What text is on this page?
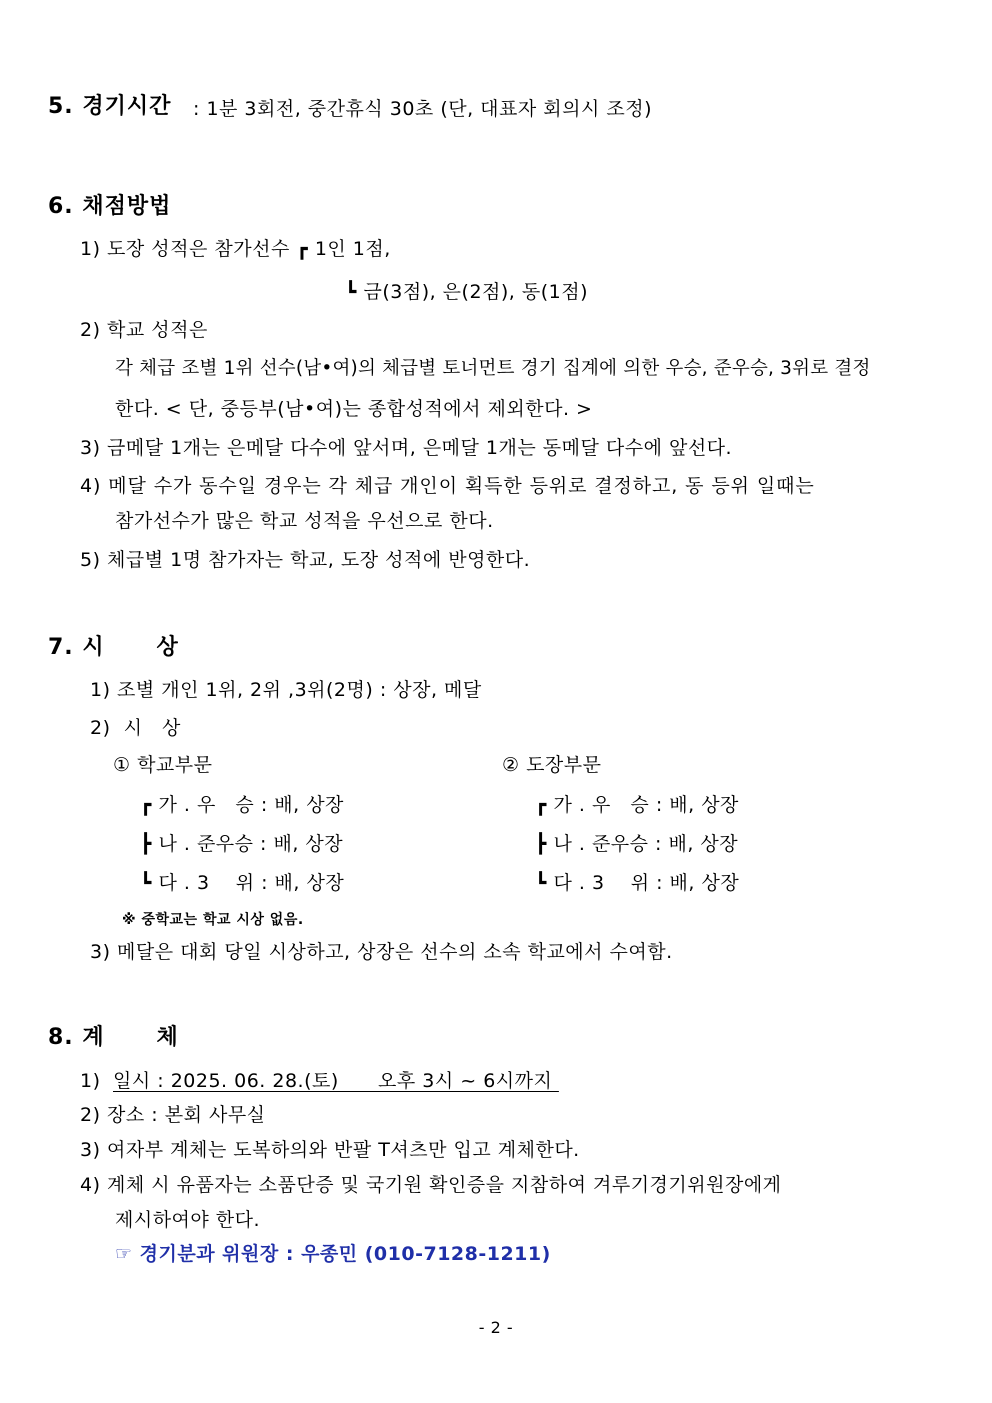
5. 경기시간 : 1분 3회전, 중간휴식 30초 (단, 대표자 회의시 조정)
6. 채점방법
1) 도장 성적은 참가선수 ┏ 1인 1점,
┗ 금(3점), 은(2점), 동(1점)
2) 학교 성적은
각 체급 조별 1위 선수(남•여)의 체급별 토너먼트 경기 집계에 의한 우승, 준우승, 3위로 결정
한다. < 단, 중등부(남•여)는 종합성적에서 제외한다. >
3) 금메달 1개는 은메달 다수에 앞서며, 은메달 1개는 동메달 다수에 앞선다.
4) 메달 수가 동수일 경우는 각 체급 개인이 획득한 등위로 결정하고, 동 등위 일때는
참가선수가 많은 학교 성적을 우선으로 한다.
5) 체급별 1명 참가자는 학교, 도장 성적에 반영한다.
7. 시      상
1) 조별 개인 1위, 2위 ,3위(2명) : 상장, 메달
2)  시   상
① 학교부문	② 도장부문
┏ 가 . 우   승 : 배, 상장
┣ 나 . 준우승 : 배, 상장
┗ 다 . 3    위 : 배, 상장
┏ 가 . 우   승 : 배, 상장
┣ 나 . 준우승 : 배, 상장
┗ 다 . 3    위 : 배, 상장
※ 중학교는 학교 시상 없음.
3) 메달은 대회 당일 시상하고, 상장은 선수의 소속 학교에서 수여함.
8. 계      체
1) 일시 : 2025. 06. 28.(토)      오후 3시 ~ 6시까지
2) 장소 : 본회 사무실
3) 여자부 계체는 도복하의와 반팔 T셔츠만 입고 계체한다.
4) 계체 시 유품자는 소품단증 및 국기원 확인증을 지참하여 겨루기경기위원장에게
제시하여야 한다.
☞ 경기분과 위원장 : 우종민 (010-7128-1211)
- 2 -
